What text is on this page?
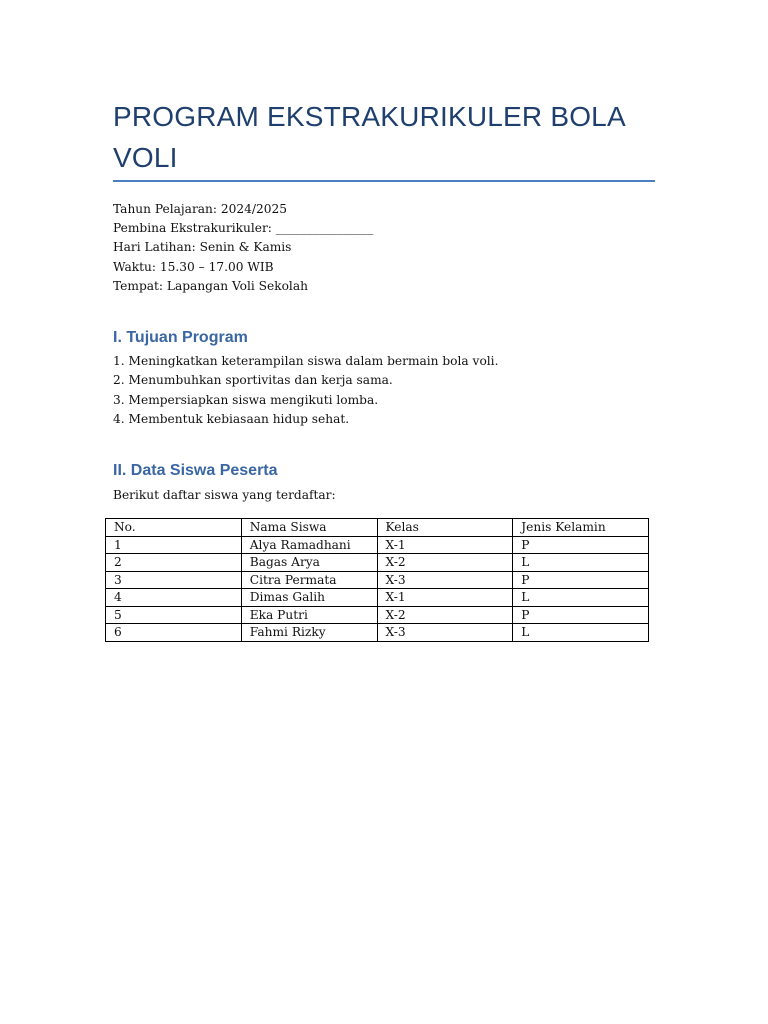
PROGRAM EKSTRAKURIKULER BOLA VOLI
Tahun Pelajaran: 2024/2025
Pembina Ekstrakurikuler: ________________
Hari Latihan: Senin & Kamis
Waktu: 15.30 – 17.00 WIB
Tempat: Lapangan Voli Sekolah
I. Tujuan Program
1. Meningkatkan keterampilan siswa dalam bermain bola voli.
2. Menumbuhkan sportivitas dan kerja sama.
3. Mempersiapkan siswa mengikuti lomba.
4. Membentuk kebiasaan hidup sehat.
II. Data Siswa Peserta
Berikut daftar siswa yang terdaftar:
No.	Nama Siswa	Kelas	Jenis Kelamin
1	Alya Ramadhani	X-1	P
2	Bagas Arya	X-2	L
3	Citra Permata	X-3	P
4	Dimas Galih	X-1	L
5	Eka Putri	X-2	P
6	Fahmi Rizky	X-3	L
